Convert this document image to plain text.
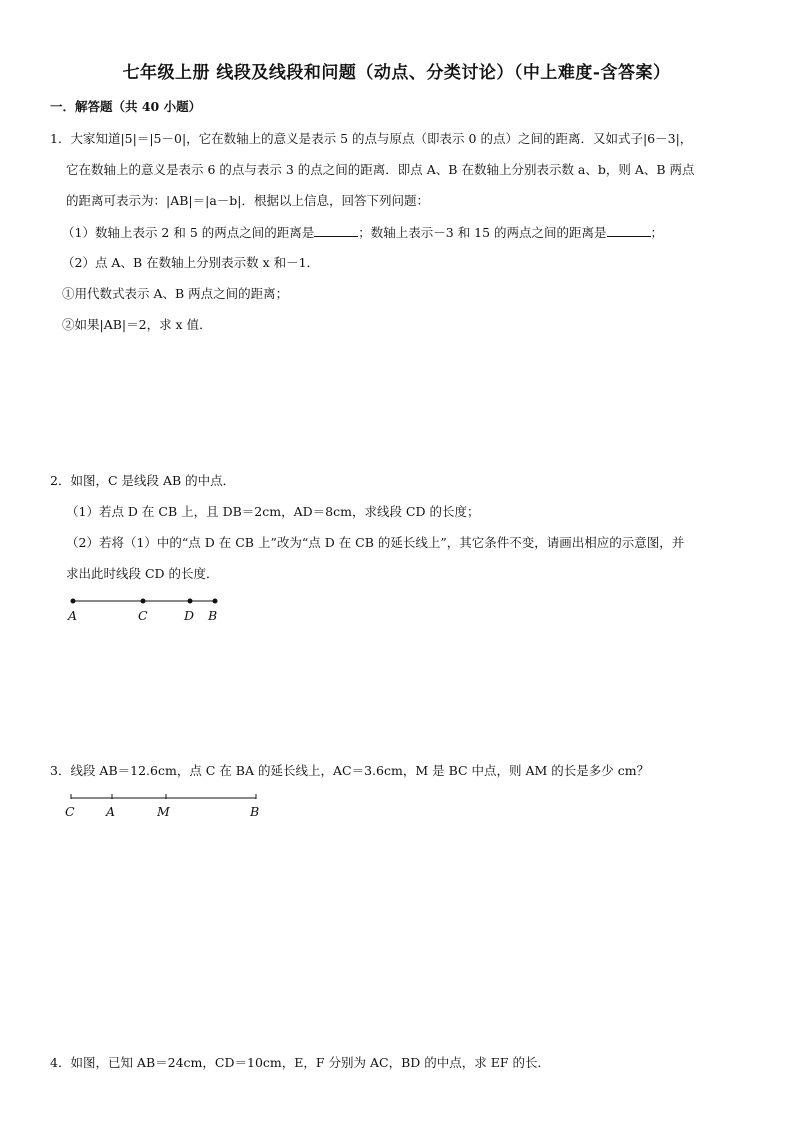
七年级上册 线段及线段和问题（动点、分类讨论）（中上难度-含答案）
一．解答题（共 40 小题）
1．大家知道|5|＝|5－0|，它在数轴上的意义是表示 5 的点与原点（即表示 0 的点）之间的距离．又如式子|6－3|，
它在数轴上的意义是表示 6 的点与表示 3 的点之间的距离．即点 A、B 在数轴上分别表示数 a、b，则 A、B 两点
的距离可表示为：|AB|＝|a－b|．根据以上信息，回答下列问题：
（1）数轴上表示 2 和 5 的两点之间的距离是	；数轴上表示－3 和 15 的两点之间的距离是	；
（2）点 A、B 在数轴上分别表示数 x 和－1．
①用代数式表示 A、B 两点之间的距离；
②如果|AB|＝2，求 x 值．
2．如图，C 是线段 AB 的中点．
（1）若点 D 在 CB 上，且 DB＝2cm，AD＝8cm，求线段 CD 的长度；
（2）若将（1）中的“点 D 在 CB 上”改为“点 D 在 CB 的延长线上”，其它条件不变，请画出相应的示意图，并
求出此时线段 CD 的长度．
A	C	D B
3．线段 AB＝12.6cm，点 C 在 BA 的延长线上，AC＝3.6cm，M 是 BC 中点，则 AM 的长是多少 cm？
C	A	M	B
4．如图，已知 AB＝24cm，CD＝10cm，E，F 分别为 AC，BD 的中点，求 EF 的长．
